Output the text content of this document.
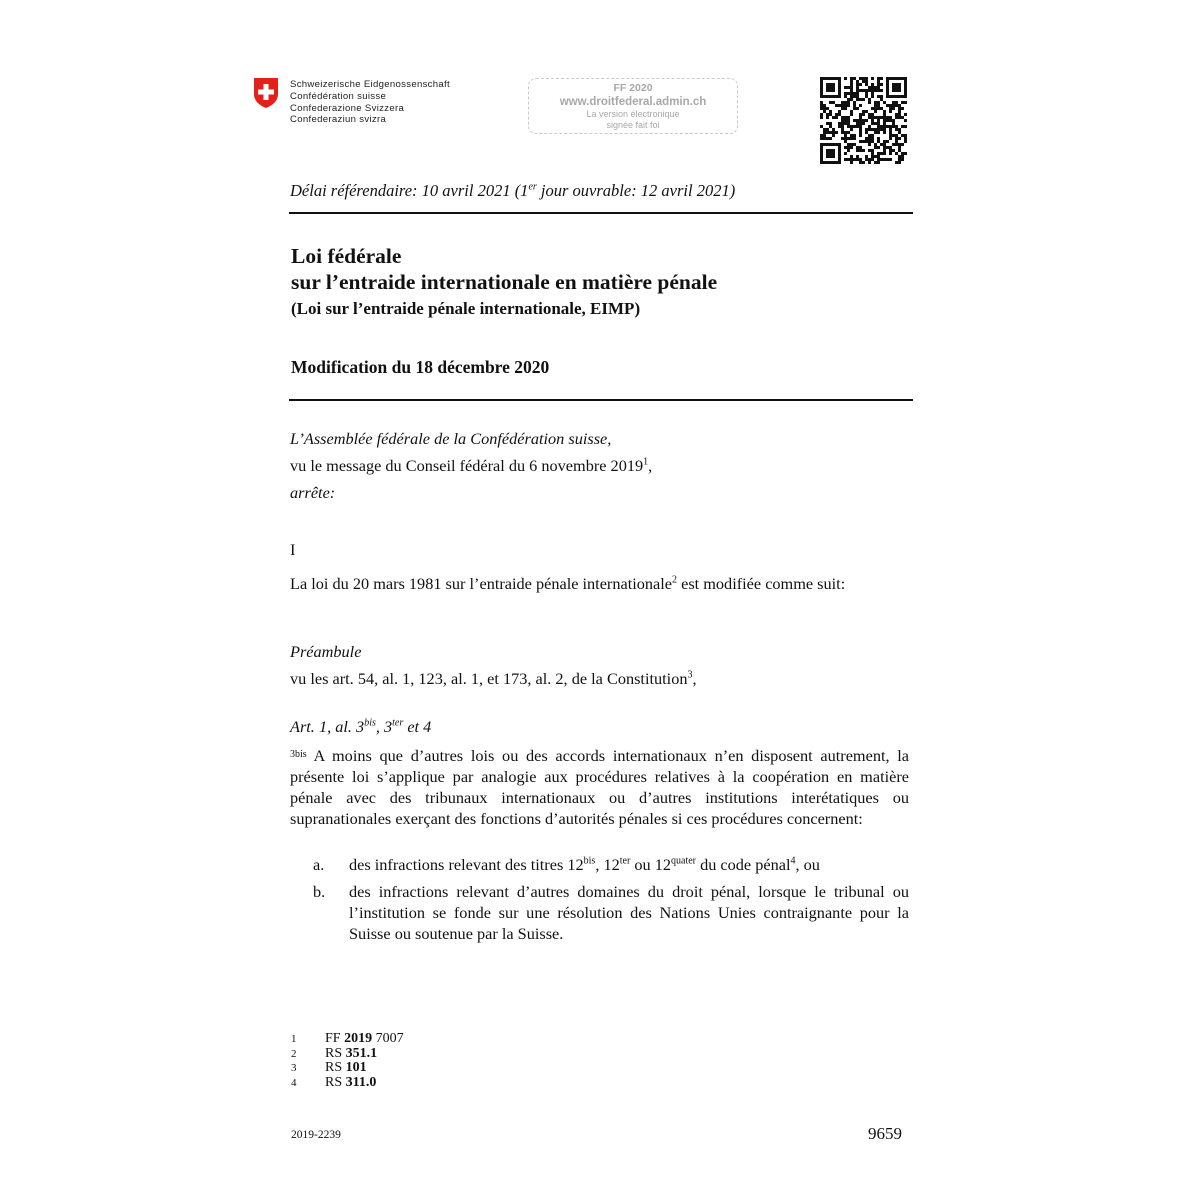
Schweizerische Eidgenossenschaft
Confédération suisse
Confederazione Svizzera
Confederaziun svizra
FF 2020
www.droitfederal.admin.ch
La version électronique
signée fait foi
Délai référendaire: 10 avril 2021 (1er jour ouvrable: 12 avril 2021)
Loi fédérale
sur l’entraide internationale en matière pénale
(Loi sur l’entraide pénale internationale, EIMP)
Modification du 18 décembre 2020
L’Assemblée fédérale de la Confédération suisse,
vu le message du Conseil fédéral du 6 novembre 2019$^1$,
arrête:
I
La loi du 20 mars 1981 sur l’entraide pénale internationale$^2$ est modifiée comme suit:
Préambule
vu les art. 54, al. 1, 123, al. 1, et 173, al. 2, de la Constitution$^3$,
Art. 1, al. $3^{bis}$, $3^{ter}$ et 4
$^{3bis}$ A moins que d’autres lois ou des accords internationaux n’en disposent autrement, la présente loi s’applique par analogie aux procédures relatives à la coopération en matière pénale avec des tribunaux internationaux ou d’autres institutions interétatiques ou supranationales exerçant des fonctions d’autorités pénales si ces procédures concernent:
a. des infractions relevant des titres $12^{bis}$, $12^{ter}$ ou $12^{quater}$ du code pénal$^4$, ou
b. des infractions relevant d’autres domaines du droit pénal, lorsque le tribunal ou l’institution se fonde sur une résolution des Nations Unies contraignante pour la Suisse ou soutenue par la Suisse.
1 FF 2019 7007
2 RS 351.1
3 RS 101
4 RS 311.0
2019-2239	9659
